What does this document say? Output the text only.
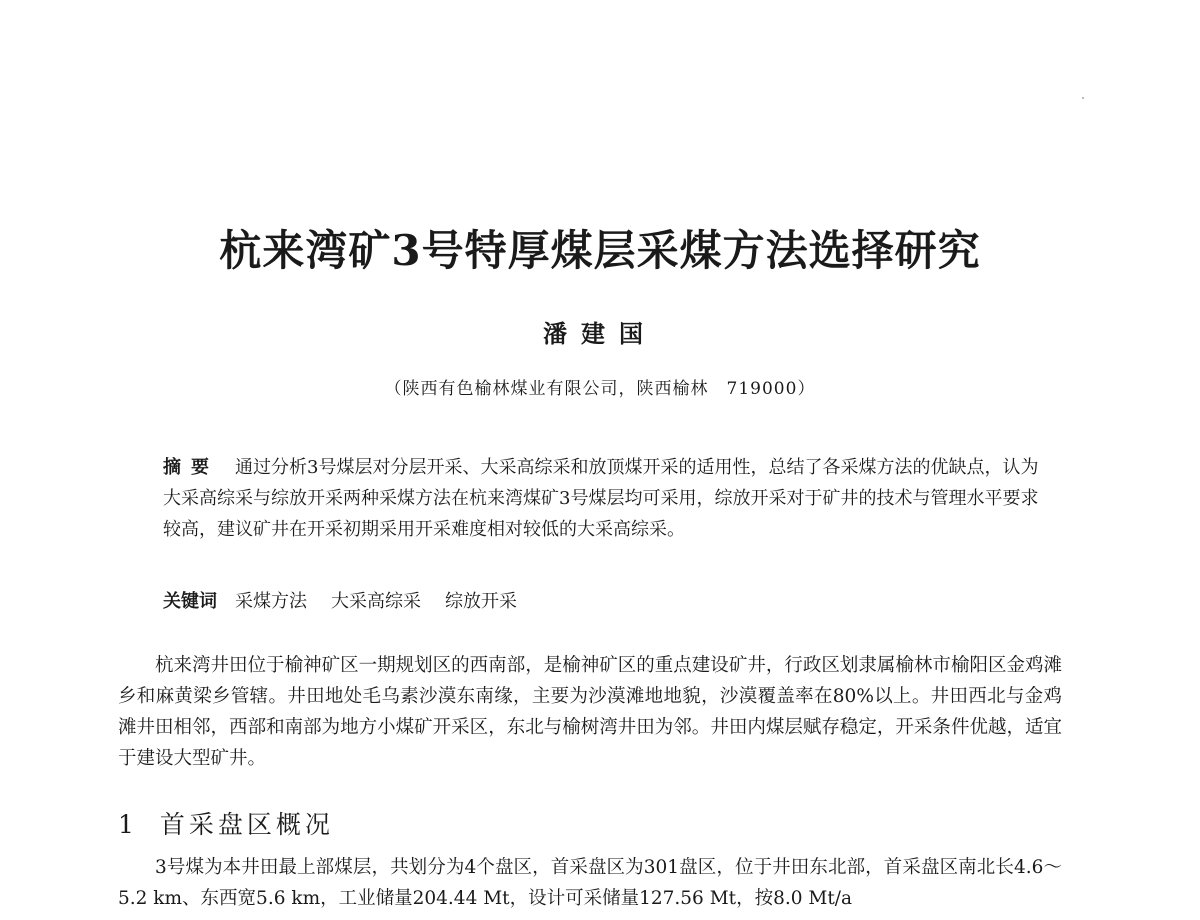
杭来湾矿3号特厚煤层采煤方法选择研究
潘建国
（陕西有色榆林煤业有限公司，陕西榆林　719000）
摘要 通过分析3号煤层对分层开采、大采高综采和放顶煤开采的适用性，总结了各采煤方法的优缺点，认为大采高综采与综放开采两种采煤方法在杭来湾煤矿3号煤层均可采用，综放开采对于矿井的技术与管理水平要求较高，建议矿井在开采初期采用开采难度相对较低的大采高综采。
关键词 采煤方法 大采高综采 综放开采

杭来湾井田位于榆神矿区一期规划区的西南部，是榆神矿区的重点建设矿井，行政区划隶属榆林市榆阳区金鸡滩乡和麻黄梁乡管辖。井田地处毛乌素沙漠东南缘，主要为沙漠滩地地貌，沙漠覆盖率在80%以上。井田西北与金鸡滩井田相邻，西部和南部为地方小煤矿开采区，东北与榆树湾井田为邻。井田内煤层赋存稳定，开采条件优越，适宜于建设大型矿井。

1 首采盘区概况

3号煤为本井田最上部煤层，共划分为4个盘区，首采盘区为301盘区，位于井田东北部，首采盘区南北长4.6～5.2 km、东西宽5.6 km，工业储量204.44 Mt，设计可采储量127.56 Mt，按8.0 Mt/a
